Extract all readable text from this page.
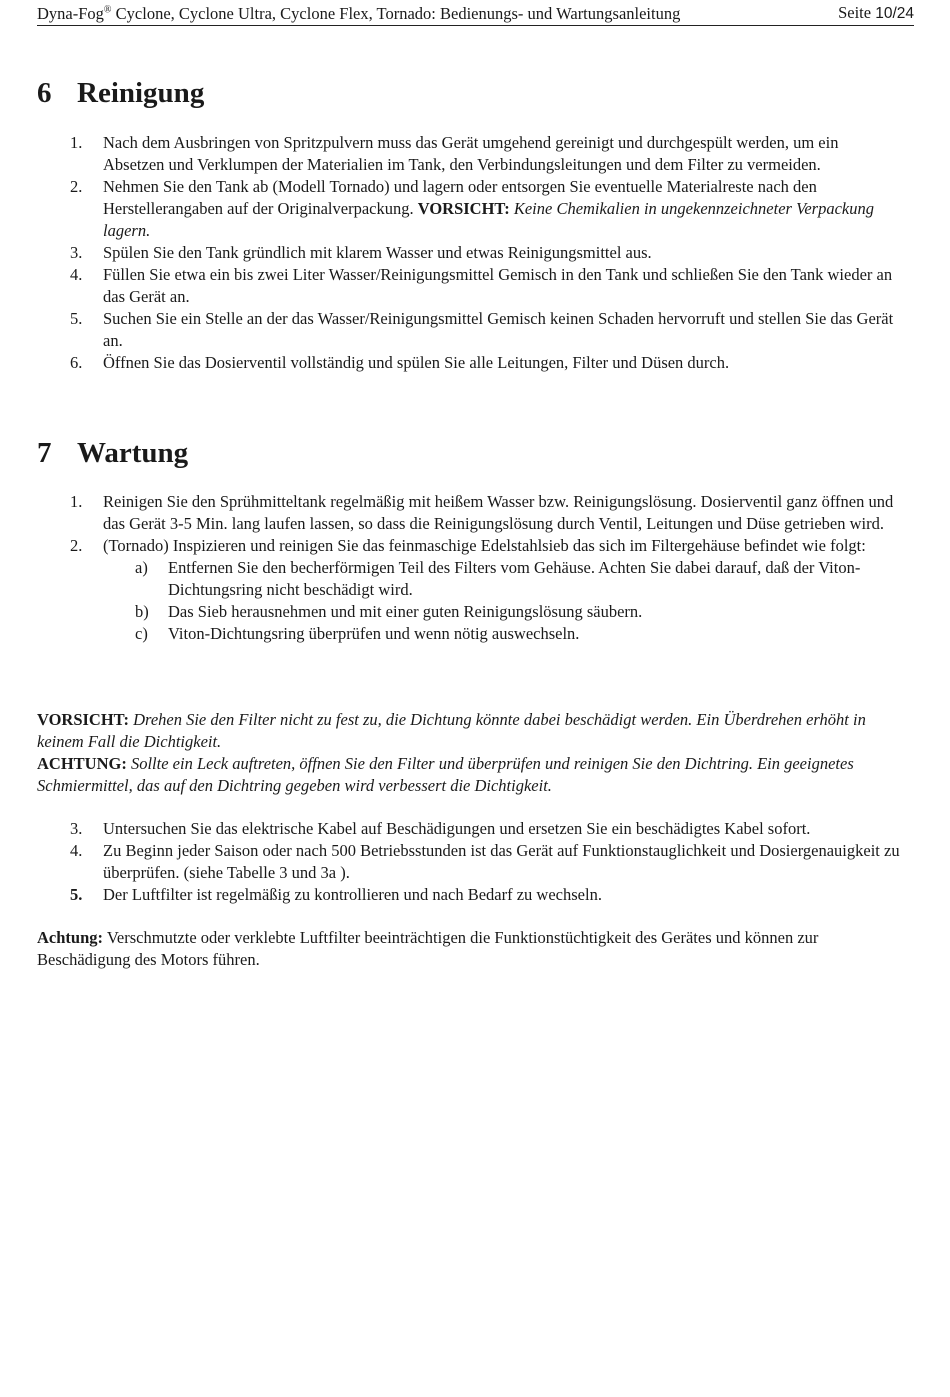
Dyna-Fog® Cyclone, Cyclone Ultra, Cyclone Flex, Tornado: Bedienungs- und Wartungsanleitung	Seite 10/24
6 Reinigung
1. Nach dem Ausbringen von Spritzpulvern muss das Gerät umgehend gereinigt und durchgespült werden, um ein Absetzen und Verklumpen der Materialien im Tank, den Verbindungsleitungen und dem Filter zu vermeiden.
2. Nehmen Sie den Tank ab (Modell Tornado) und lagern oder entsorgen Sie eventuelle Materialreste nach den Herstellerangaben auf der Originalverpackung. VORSICHT: Keine Chemikalien in ungekennzeichneter Verpackung lagern.
3. Spülen Sie den Tank gründlich mit klarem Wasser und etwas Reinigungsmittel aus.
4. Füllen Sie etwa ein bis zwei Liter Wasser/Reinigungsmittel Gemisch in den Tank und schließen Sie den Tank wieder an das Gerät an.
5. Suchen Sie ein Stelle an der das Wasser/Reinigungsmittel Gemisch keinen Schaden hervorruft und stellen Sie das Gerät an.
6. Öffnen Sie das Dosierventil vollständig und spülen Sie alle Leitungen, Filter und Düsen durch.
7 Wartung
1. Reinigen Sie den Sprühmitteltank regelmäßig mit heißem Wasser bzw. Reinigungslösung. Dosierventil ganz öffnen und das Gerät 3-5 Min. lang laufen lassen, so dass die Reinigungslösung durch Ventil, Leitungen und Düse getrieben wird.
2. (Tornado) Inspizieren und reinigen Sie das feinmaschige Edelstahlsieb das sich im Filtergehäuse befindet wie folgt:
a) Entfernen Sie den becherförmigen Teil des Filters vom Gehäuse. Achten Sie dabei darauf, daß der Viton-Dichtungsring nicht beschädigt wird.
b) Das Sieb herausnehmen und mit einer guten Reinigungslösung säubern.
c) Viton-Dichtungsring überprüfen und wenn nötig auswechseln.

VORSICHT: Drehen Sie den Filter nicht zu fest zu, die Dichtung könnte dabei beschädigt werden. Ein Überdrehen erhöht in keinem Fall die Dichtigkeit.
ACHTUNG: Sollte ein Leck auftreten, öffnen Sie den Filter und überprüfen und reinigen Sie den Dichtring. Ein geeignetes Schmiermittel, das auf den Dichtring gegeben wird verbessert die Dichtigkeit.

3. Untersuchen Sie das elektrische Kabel auf Beschädigungen und ersetzen Sie ein beschädigtes Kabel sofort.
4. Zu Beginn jeder Saison oder nach 500 Betriebsstunden ist das Gerät auf Funktionstauglichkeit und Dosiergenauigkeit zu überprüfen. (siehe Tabelle 3 und 3a ).
5. Der Luftfilter ist regelmäßig zu kontrollieren und nach Bedarf zu wechseln.

Achtung: Verschmutzte oder verklebte Luftfilter beeinträchtigen die Funktionstüchtigkeit des Gerätes und können zur Beschädigung des Motors führen.
